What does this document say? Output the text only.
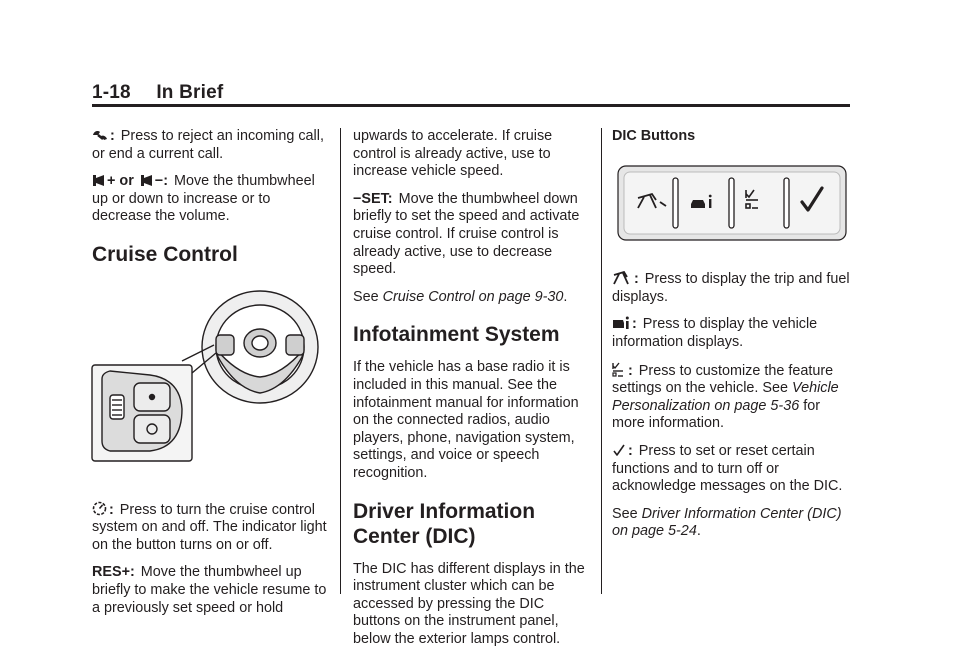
1-18 In Brief

: Press to reject an incoming call, or end a current call.

+ or −: Move the thumbwheel up or down to increase or to decrease the volume.

Cruise Control

: Press to turn the cruise control system on and off. The indicator light on the button turns on or off.

RES+: Move the thumbwheel up briefly to make the vehicle resume to a previously set speed or hold

upwards to accelerate. If cruise control is already active, use to increase vehicle speed.

−SET: Move the thumbwheel down briefly to set the speed and activate cruise control. If cruise control is already active, use to decrease speed.

See Cruise Control on page 9-30.

Infotainment System

If the vehicle has a base radio it is included in this manual. See the infotainment manual for information on the connected radios, audio players, phone, navigation system, settings, and voice or speech recognition.

Driver Information
Center (DIC)

The DIC has different displays in the instrument cluster which can be accessed by pressing the DIC buttons on the instrument panel, below the exterior lamps control.

DIC Buttons

: Press to display the trip and fuel displays.

: Press to display the vehicle information displays.

: Press to customize the feature settings on the vehicle. See Vehicle Personalization on page 5-36 for more information.

: Press to set or reset certain functions and to turn off or acknowledge messages on the DIC.

See Driver Information Center (DIC) on page 5-24.
